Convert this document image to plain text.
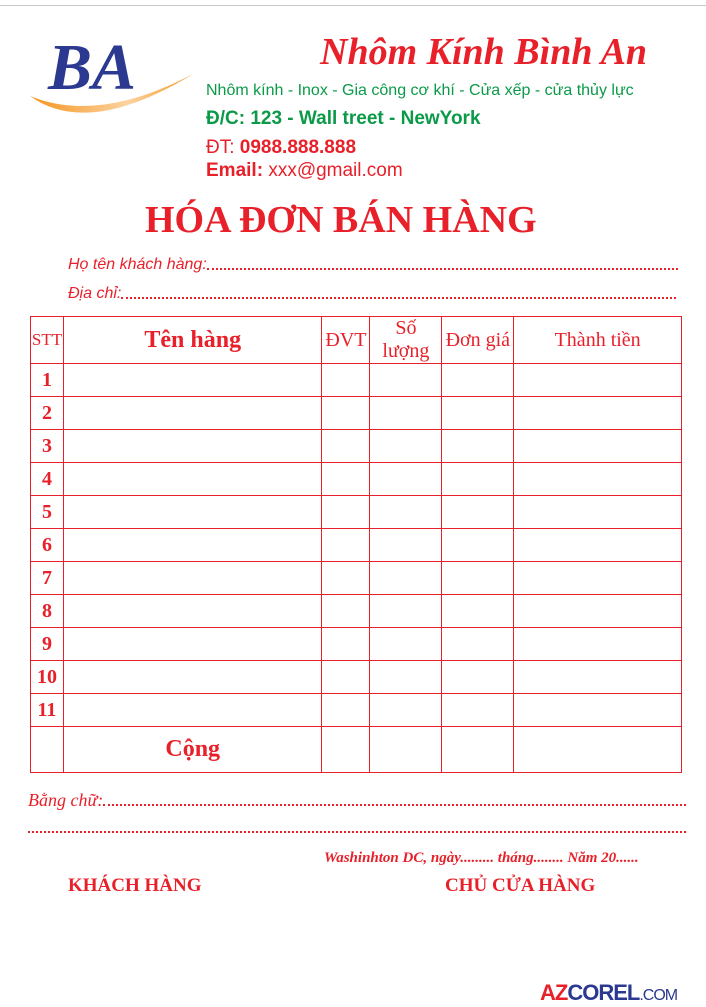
BA	Nhôm Kính Bình An
Nhôm kính - Inox - Gia công cơ khí - Cửa xếp - cửa thủy lực
Đ/C: 123 - Wall treet - NewYork
ĐT: 0988.888.888
Email: xxx@gmail.com
HÓA ĐƠN BÁN HÀNG
Họ tên khách hàng:
Địa chỉ:
STT	Tên hàng	ĐVT	Số lượng	Đơn giá	Thành tiền
1					
2					
3					
4					
5					
6					
7					
8					
9					
10					
11					
	Cộng				
Bằng chữ:
Washinhton DC, ngày......... tháng........ Năm 20......
KHÁCH HÀNG	CHỦ CỬA HÀNG
AZCOREL.COM
